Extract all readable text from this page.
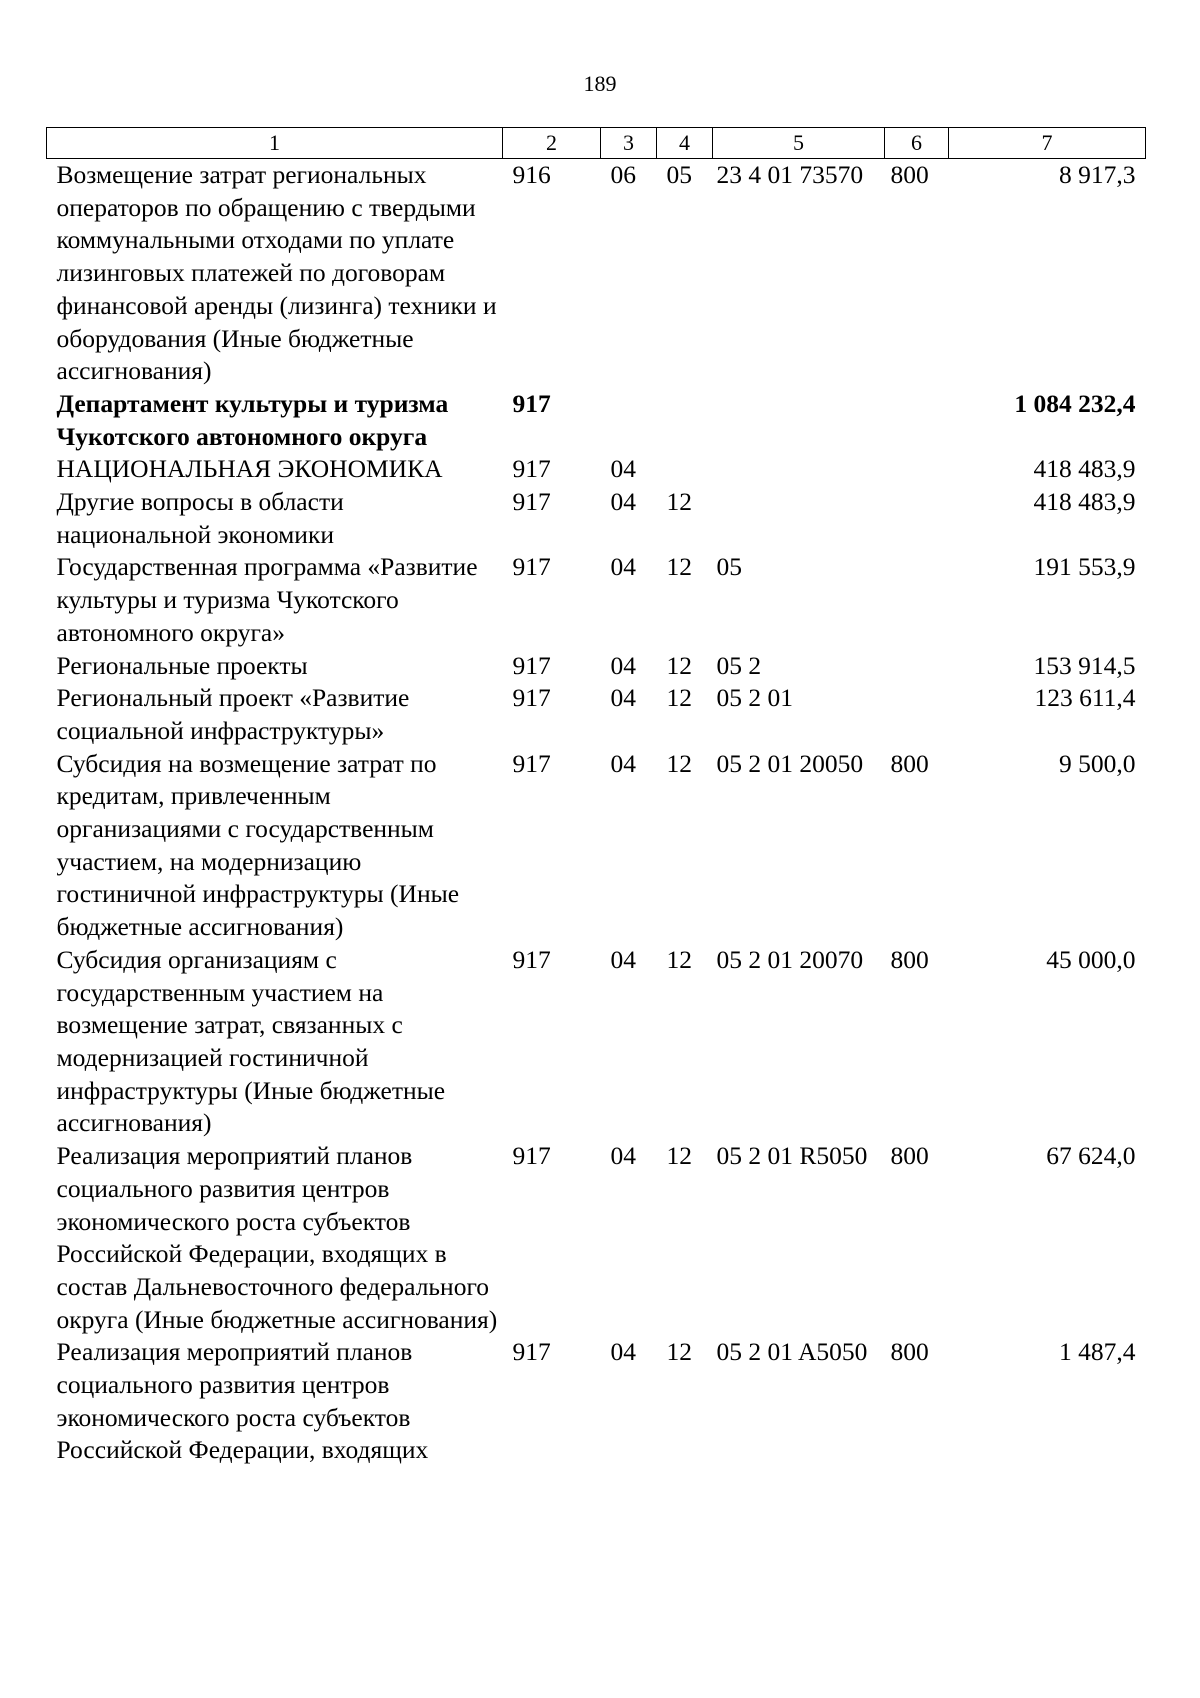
189
1	2	3	4	5	6	7
Возмещение затрат региональных операторов по обращению с твердыми коммунальными отходами по уплате лизинговых платежей по договорам финансовой аренды (лизинга) техники и оборудования (Иные бюджетные ассигнования)	916	06	05	23 4 01 73570	800	8 917,3
Департамент культуры и туризма Чукотского автономного округа	917					1 084 232,4
НАЦИОНАЛЬНАЯ ЭКОНОМИКА	917	04				418 483,9
Другие вопросы в области национальной экономики	917	04	12			418 483,9
Государственная программа «Развитие культуры и туризма Чукотского автономного округа»	917	04	12	05		191 553,9
Региональные проекты	917	04	12	05 2		153 914,5
Региональный проект «Развитие социальной инфраструктуры»	917	04	12	05 2 01		123 611,4
Субсидия на возмещение затрат по кредитам, привлеченным организациями с государственным участием, на модернизацию гостиничной инфраструктуры (Иные бюджетные ассигнования)	917	04	12	05 2 01 20050	800	9 500,0
Субсидия организациям с государственным участием на возмещение затрат, связанных с модернизацией гостиничной инфраструктуры (Иные бюджетные ассигнования)	917	04	12	05 2 01 20070	800	45 000,0
Реализация мероприятий планов социального развития центров экономического роста субъектов Российской Федерации, входящих в состав Дальневосточного федерального округа (Иные бюджетные ассигнования)	917	04	12	05 2 01 R5050	800	67 624,0
Реализация мероприятий планов социального развития центров экономического роста субъектов Российской Федерации, входящих	917	04	12	05 2 01 A5050	800	1 487,4
